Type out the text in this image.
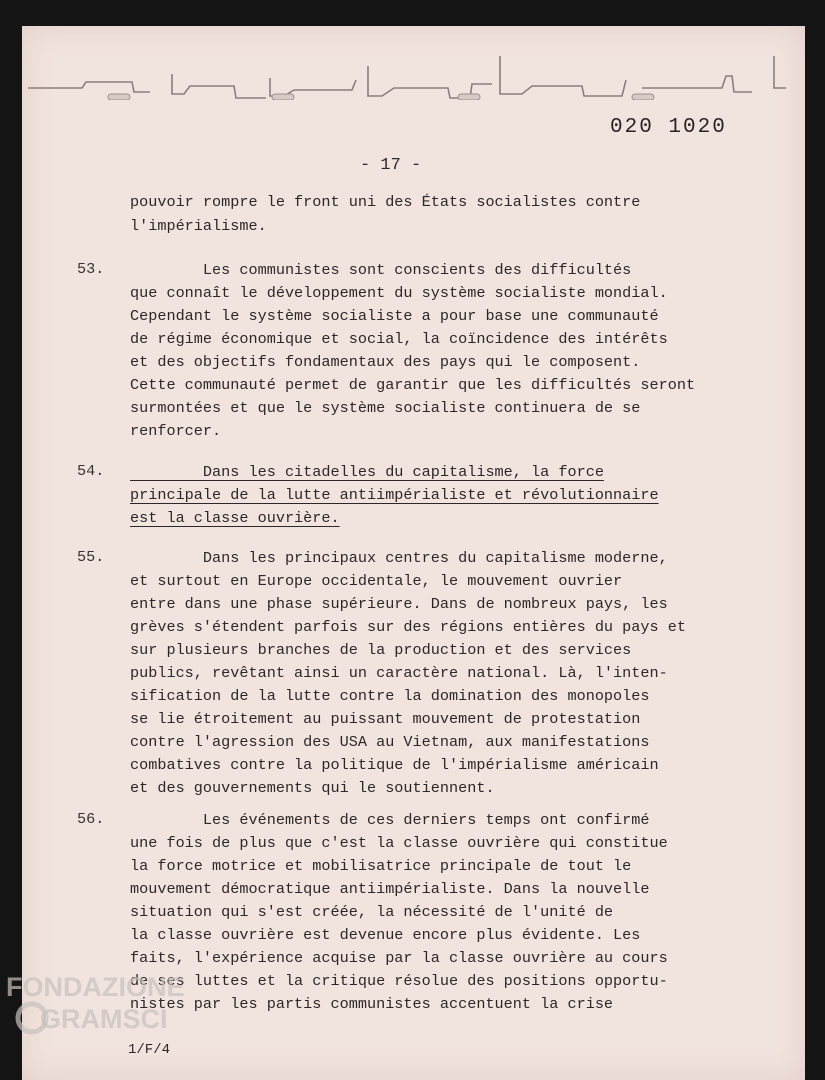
020 1020
- 17 -
pouvoir rompre le front uni des États socialistes contre
l'impérialisme.
53. Les communistes sont conscients des difficultés
que connaît le développement du système socialiste mondial.
Cependant le système socialiste a pour base une communauté
de régime économique et social, la coïncidence des intérêts
et des objectifs fondamentaux des pays qui le composent.
Cette communauté permet de garantir que les difficultés seront
surmontées et que le système socialiste continuera de se
renforcer.
54. Dans les citadelles du capitalisme, la force
principale de la lutte antiimpérialiste et révolutionnaire
est la classe ouvrière.
55. Dans les principaux centres du capitalisme moderne,
et surtout en Europe occidentale, le mouvement ouvrier
entre dans une phase supérieure. Dans de nombreux pays, les
grèves s'étendent parfois sur des régions entières du pays et
sur plusieurs branches de la production et des services
publics, revêtant ainsi un caractère national. Là, l'inten-
sification de la lutte contre la domination des monopoles
se lie étroitement au puissant mouvement de protestation
contre l'agression des USA au Vietnam, aux manifestations
combatives contre la politique de l'impérialisme américain
et des gouvernements qui le soutiennent.
56. Les événements de ces derniers temps ont confirmé
une fois de plus que c'est la classe ouvrière qui constitue
la force motrice et mobilisatrice principale de tout le
mouvement démocratique antiimpérialiste. Dans la nouvelle
situation qui s'est créée, la nécessité de l'unité de
la classe ouvrière est devenue encore plus évidente. Les
faits, l'expérience acquise par la classe ouvrière au cours
de ses luttes et la critique résolue des positions opportu-
nistes par les partis communistes accentuent la crise
1/F/4
FONDAZIONE
GRAMSCI
